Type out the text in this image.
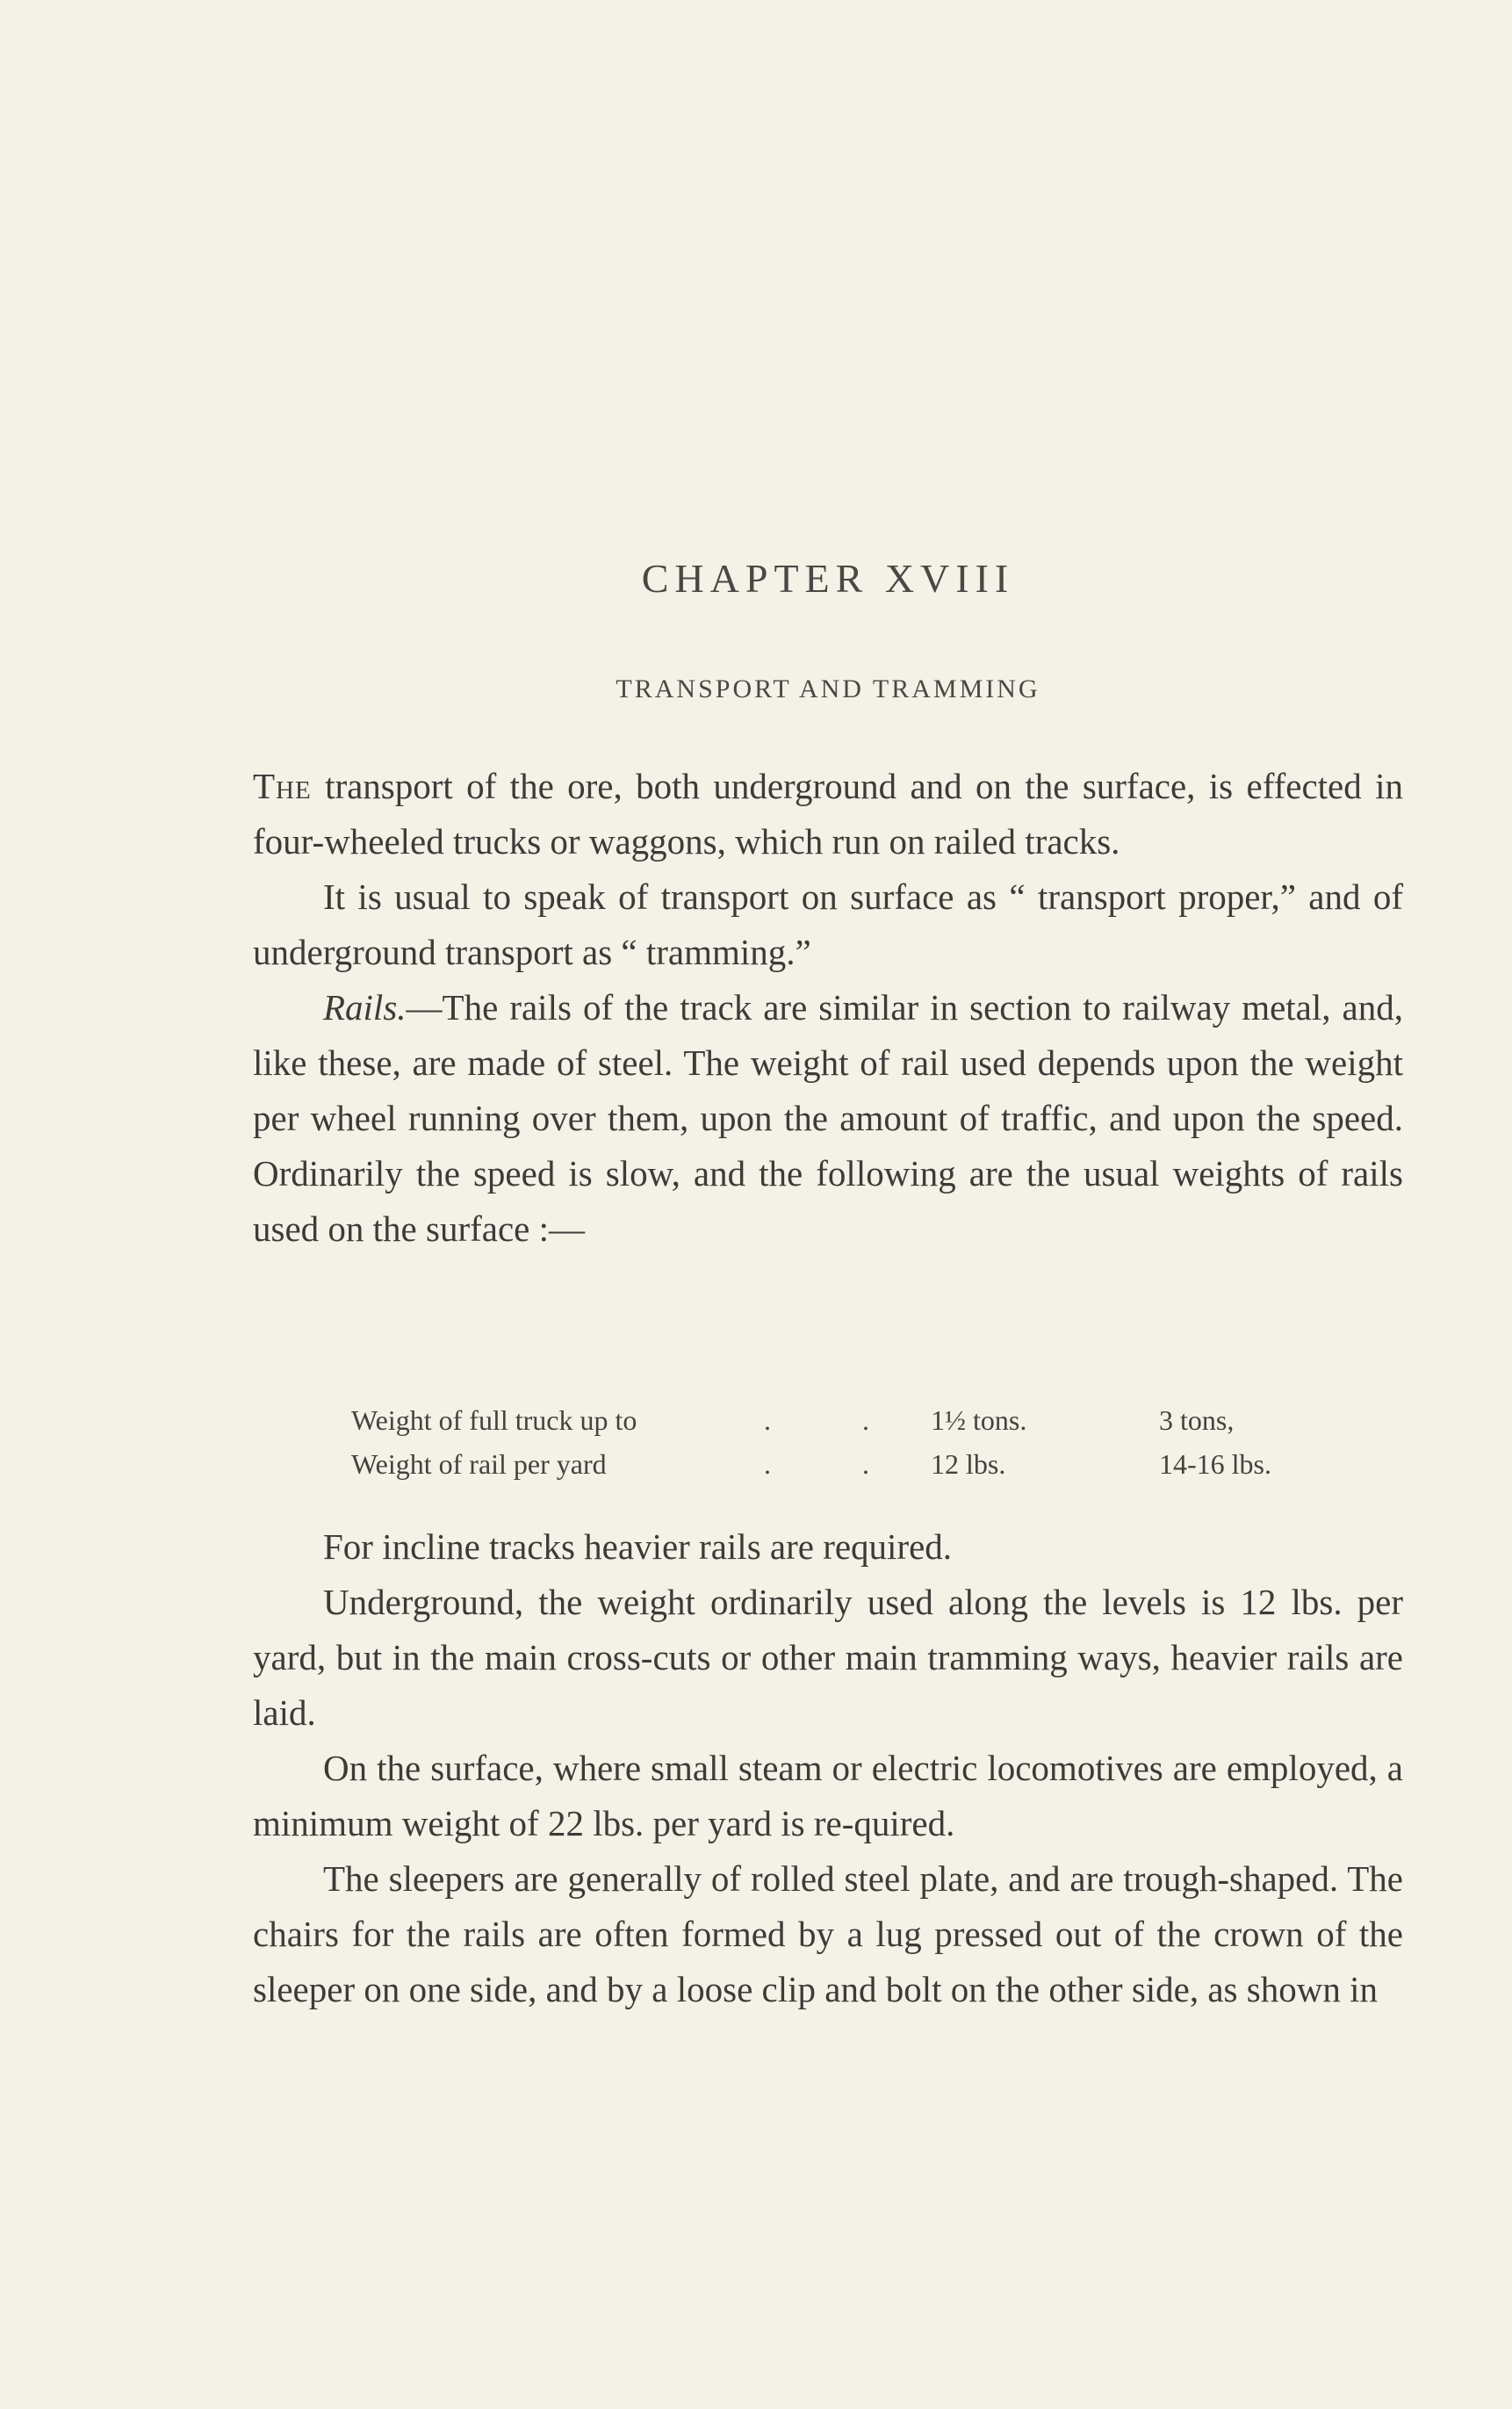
CHAPTER XVIII
TRANSPORT AND TRAMMING

The transport of the ore, both underground and on the surface, is effected in four-wheeled trucks or waggons, which run on railed tracks.

It is usual to speak of transport on surface as “ transport proper,” and of underground transport as “ tramming.”

Rails.—The rails of the track are similar in section to railway metal, and, like these, are made of steel. The weight of rail used depends upon the weight per wheel running over them, upon the amount of traffic, and upon the speed. Ordinarily the speed is slow, and the following are the usual weights of rails used on the surface :—

Weight of full truck up to	. .	1½ tons.	3 tons,
Weight of rail per yard	. .	12 lbs.	14-16 lbs.

For incline tracks heavier rails are required.

Underground, the weight ordinarily used along the levels is 12 lbs. per yard, but in the main cross-cuts or other main tramming ways, heavier rails are laid.

On the surface, where small steam or electric locomotives are employed, a minimum weight of 22 lbs. per yard is re-quired.

The sleepers are generally of rolled steel plate, and are trough-shaped. The chairs for the rails are often formed by a lug pressed out of the crown of the sleeper on one side, and by a loose clip and bolt on the other side, as shown in
